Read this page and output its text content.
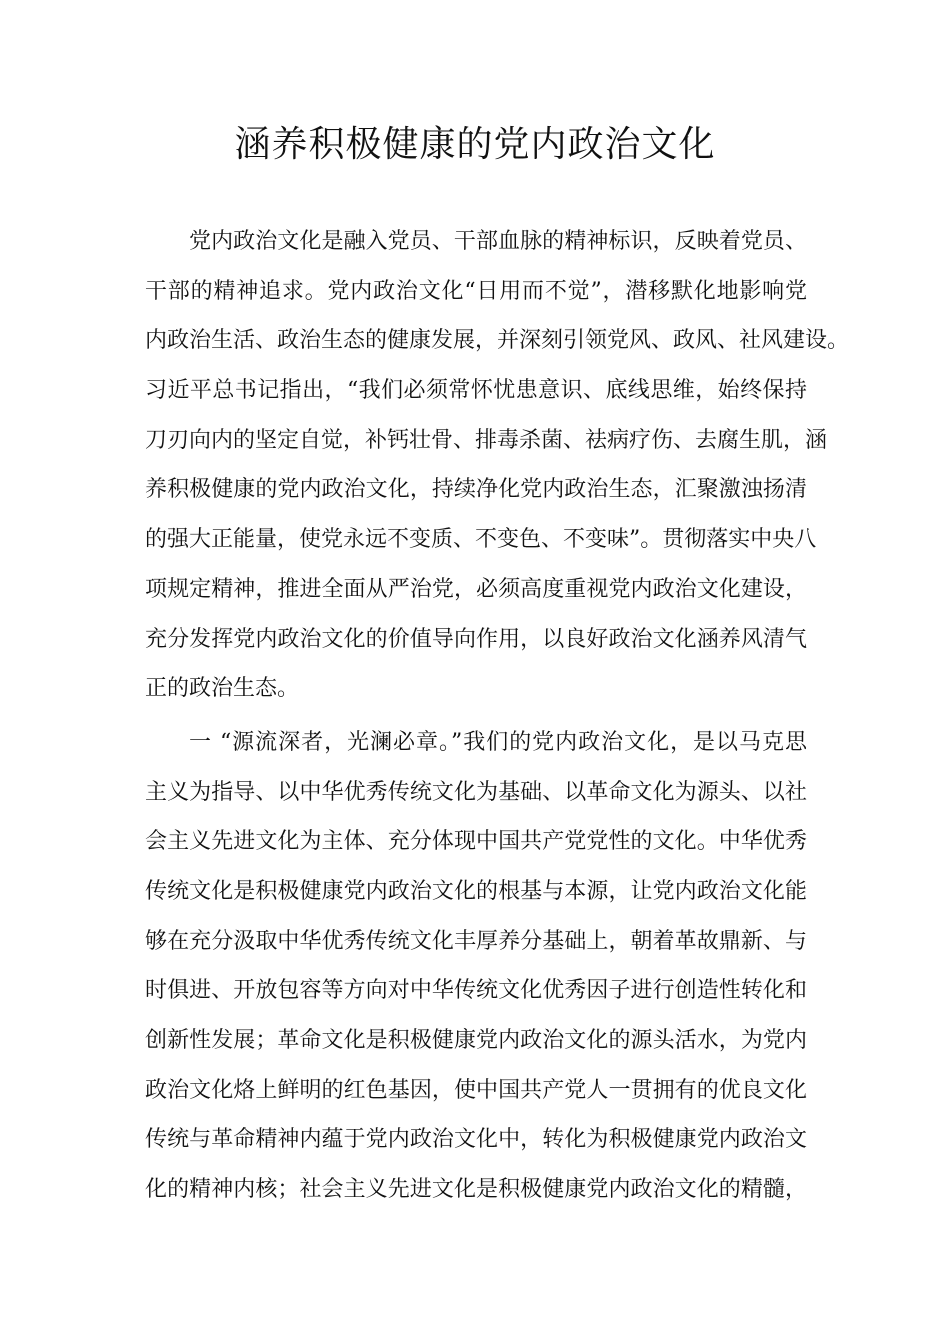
涵养积极健康的党内政治文化
党内政治文化是融入党员、干部血脉的精神标识，反映着党员、
干部的精神追求。党内政治文化“日用而不觉”，潜移默化地影响党
内政治生活、政治生态的健康发展，并深刻引领党风、政风、社风建设。
习近平总书记指出，“我们必须常怀忧患意识、底线思维，始终保持
刀刃向内的坚定自觉，补钙壮骨、排毒杀菌、祛病疗伤、去腐生肌，涵
养积极健康的党内政治文化，持续净化党内政治生态，汇聚激浊扬清
的强大正能量，使党永远不变质、不变色、不变味”。贯彻落实中央八
项规定精神，推进全面从严治党，必须高度重视党内政治文化建设，
充分发挥党内政治文化的价值导向作用，以良好政治文化涵养风清气
正的政治生态。
一 “源流深者，光澜必章。”我们的党内政治文化，是以马克思
主义为指导、以中华优秀传统文化为基础、以革命文化为源头、以社
会主义先进文化为主体、充分体现中国共产党党性的文化。中华优秀
传统文化是积极健康党内政治文化的根基与本源，让党内政治文化能
够在充分汲取中华优秀传统文化丰厚养分基础上，朝着革故鼎新、与
时俱进、开放包容等方向对中华传统文化优秀因子进行创造性转化和
创新性发展；革命文化是积极健康党内政治文化的源头活水，为党内
政治文化烙上鲜明的红色基因，使中国共产党人一贯拥有的优良文化
传统与革命精神内蕴于党内政治文化中，转化为积极健康党内政治文
化的精神内核；社会主义先进文化是积极健康党内政治文化的精髓，
